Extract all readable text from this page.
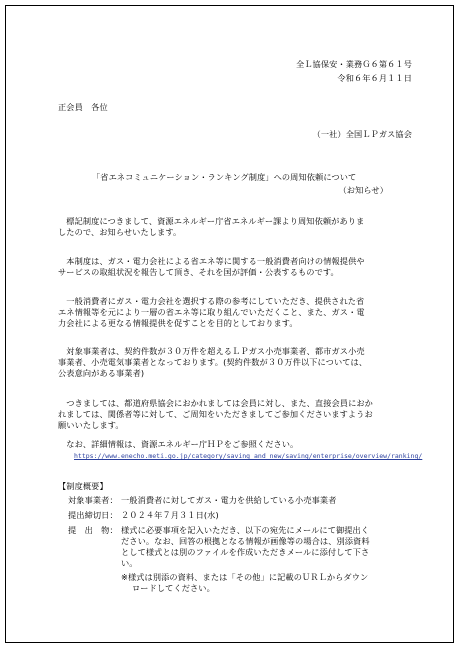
全Ｌ協保安・業務Ｇ６第６１号
令和６年６月１１日
正会員　各位
（一社）全国ＬＰガス協会
「省エネコミュニケーション・ランキング制度」への周知依頼について
（お知らせ）
　標記制度につきまして、資源エネルギー庁省エネルギー課より周知依頼がありま
したので、お知らせいたします。
　本制度は、ガス・電力会社による省エネ等に関する一般消費者向けの情報提供や
サービスの取組状況を報告して頂き、それを国が評価・公表するものです。
　一般消費者にガス・電力会社を選択する際の参考にしていただき、提供された省
エネ情報等を元により一層の省エネ等に取り組んでいただくこと、また、ガス・電
力会社による更なる情報提供を促すことを目的としております。
　対象事業者は、契約件数が３０万件を超えるＬＰガス小売事業者、都市ガス小売
事業者、小売電気事業者となっております。(契約件数が３０万件以下については、
公表意向がある事業者)
　つきましては、都道府県協会におかれましては会員に対し、また、直接会員におか
れましては、関係者等に対して、ご周知をいただきましてご参加くださいますようお
願いいたします。
　なお、詳細情報は、資源エネルギー庁ＨＰをご参照ください。
https://www.enecho.meti.go.jp/category/saving_and_new/saving/enterprise/overview/ranking/
【制度概要】
対象事業者： 一般消費者に対してガス・電力を供給している小売事業者
提出締切日： ２０２４年７月３１日(水)
提　出　物： 様式に必要事項を記入いただき、以下の宛先にメールにて御提出く
ださい。なお、回答の根拠となる情報が画像等の場合は、別添資料
として様式とは別のファイルを作成いただきメールに添付して下さ
い。
※様式は別添の資料、または「その他」に記載のＵＲＬからダウン
ロードしてください。
